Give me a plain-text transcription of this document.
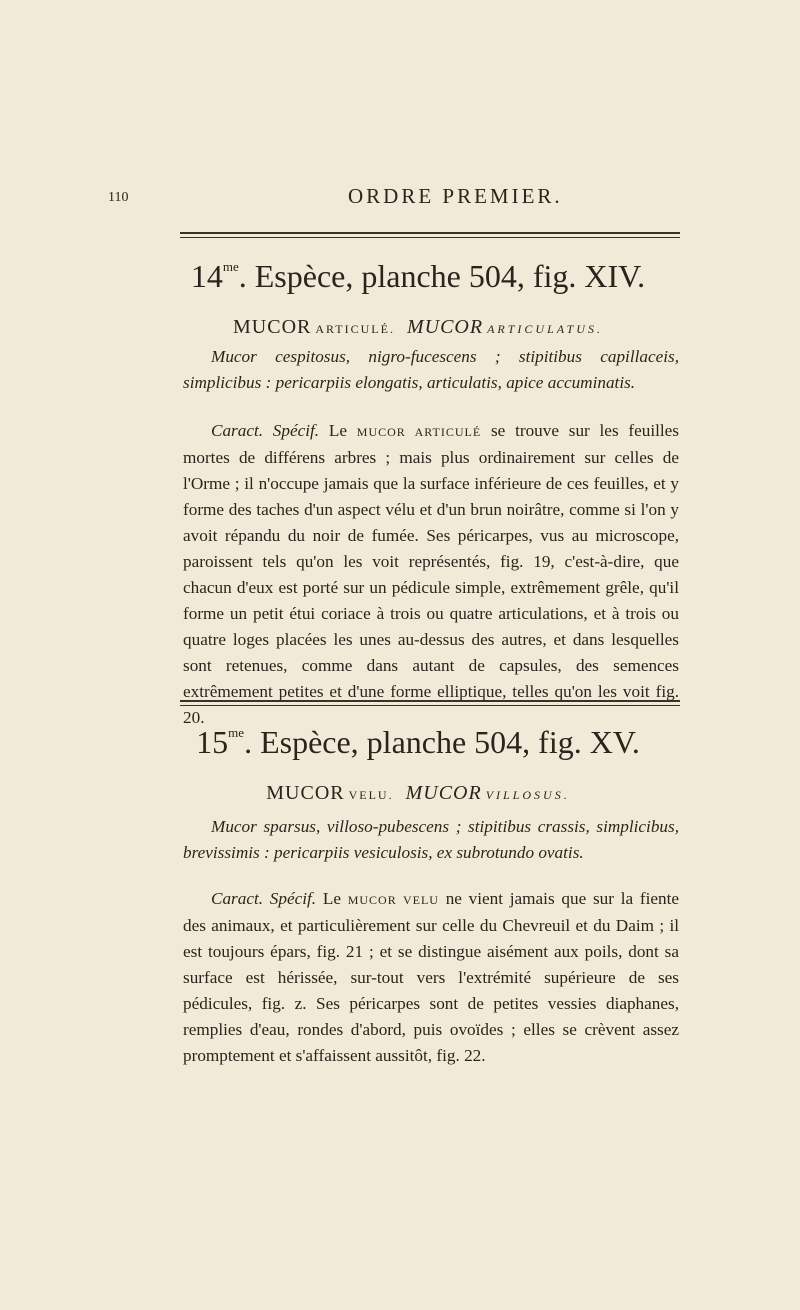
110	ORDRE PREMIER.
$14^{me}$. Espèce, planche 504, fig. XIV.
MUCOR ARTICULÉ. MUCOR ARTICULATUS.

Mucor cespitosus, nigro-fucescens ; stipitibus capillaceis, simplicibus : pericarpiis elongatis, articulatis, apice accuminatis.

Caract. Spécif. Le MUCOR ARTICULÉ se trouve sur les feuilles mortes de différens arbres ; mais plus ordinairement sur celles de l'Orme ; il n'occupe jamais que la surface inférieure de ces feuilles, et y forme des taches d'un aspect vélu et d'un brun noirâtre, comme si l'on y avoit répandu du noir de fumée. Ses péricarpes, vus au microscope, paroissent tels qu'on les voit représentés, fig. 19, c'est-à-dire, que chacun d'eux est porté sur un pédicule simple, extrêmement grêle, qu'il forme un petit étui coriace à trois ou quatre articulations, et à trois ou quatre loges placées les unes au-dessus des autres, et dans lesquelles sont retenues, comme dans autant de capsules, des semences extrêmement petites et d'une forme elliptique, telles qu'on les voit fig. 20.

$15^{me}$. Espèce, planche 504, fig. XV.
MUCOR VELU. MUCOR VILLOSUS.

Mucor sparsus, villoso-pubescens ; stipitibus crassis, simplicibus, brevissimis : pericarpiis vesiculosis, ex subrotundo ovatis.

Caract. Spécif. Le MUCOR VELU ne vient jamais que sur la fiente des animaux, et particulièrement sur celle du Chevreuil et du Daim ; il est toujours épars, fig. 21 ; et se distingue aisément aux poils, dont sa surface est hérissée, sur-tout vers l'extrémité supérieure de ses pédicules, fig. z. Ses péricarpes sont de petites vessies diaphanes, remplies d'eau, rondes d'abord, puis ovoïdes ; elles se crèvent assez promptement et s'affaissent aussitôt, fig. 22.
